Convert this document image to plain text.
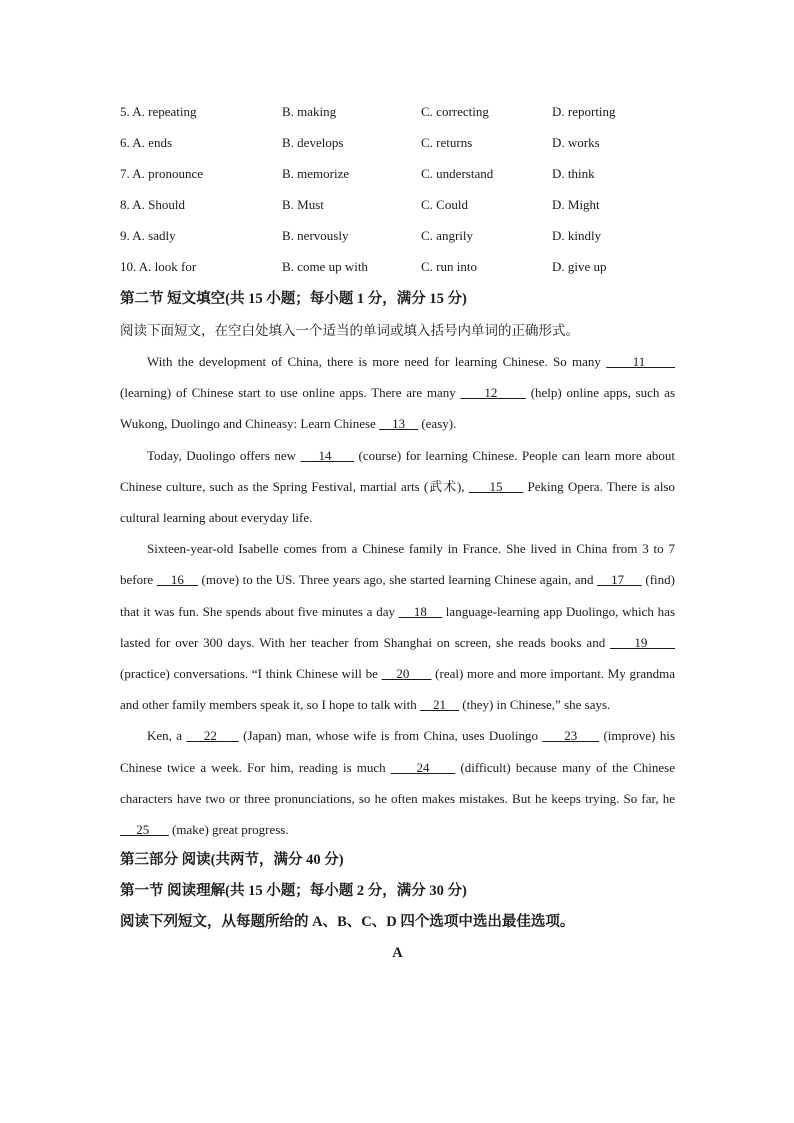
5. A. repeating	B. making	C. correcting	D. reporting
6. A. ends	B. develops	C. returns	D. works
7. A. pronounce	B. memorize	C. understand	D. think
8. A. Should	B. Must	C. Could	D. Might
9. A. sadly	B. nervously	C. angrily	D. kindly
10. A. look for	B. come up with	C. run into	D. give up
第二节 短文填空(共 15 小题；每小题 1 分，满分 15 分)
阅读下面短文，在空白处填入一个适当的单词或填入括号内单词的正确形式。

With the development of China, there is more need for learning Chinese. So many      11       (learning) of Chinese start to use online apps. There are many      12       (help) online apps, such as Wukong, Duolingo and Chineasy: Learn Chinese     13     (easy).

Today, Duolingo offers new     14      (course) for learning Chinese. People can learn more about Chinese culture, such as the Spring Festival, martial arts (武术),      15      Peking Opera. There is also cultural learning about everyday life.

Sixteen-year-old Isabelle comes from a Chinese family in France. She lived in China from 3 to 7 before     16     (move) to the US. Three years ago, she started learning Chinese again, and     17      (find) that it was fun. She spends about five minutes a day     18     language-learning app Duolingo, which has lasted for over 300 days. With her teacher from Shanghai on screen, she reads books and      19       (practice) conversations. “I think Chinese will be     20       (real) more and more important. My grandma and other family members speak it, so I hope to talk with     21     (they) in Chinese,” she says.

Ken, a     22      (Japan) man, whose wife is from China, uses Duolingo      23      (improve) his Chinese twice a week. For him, reading is much      24      (difficult) because many of the Chinese characters have two or three pronunciations, so he often makes mistakes. But he keeps trying. So far, he      25       (make) great progress.

第三部分 阅读(共两节，满分 40 分)
第一节 阅读理解(共 15 小题；每小题 2 分，满分 30 分)
阅读下列短文，从每题所给的 A、B、C、D 四个选项中选出最佳选项。
A
